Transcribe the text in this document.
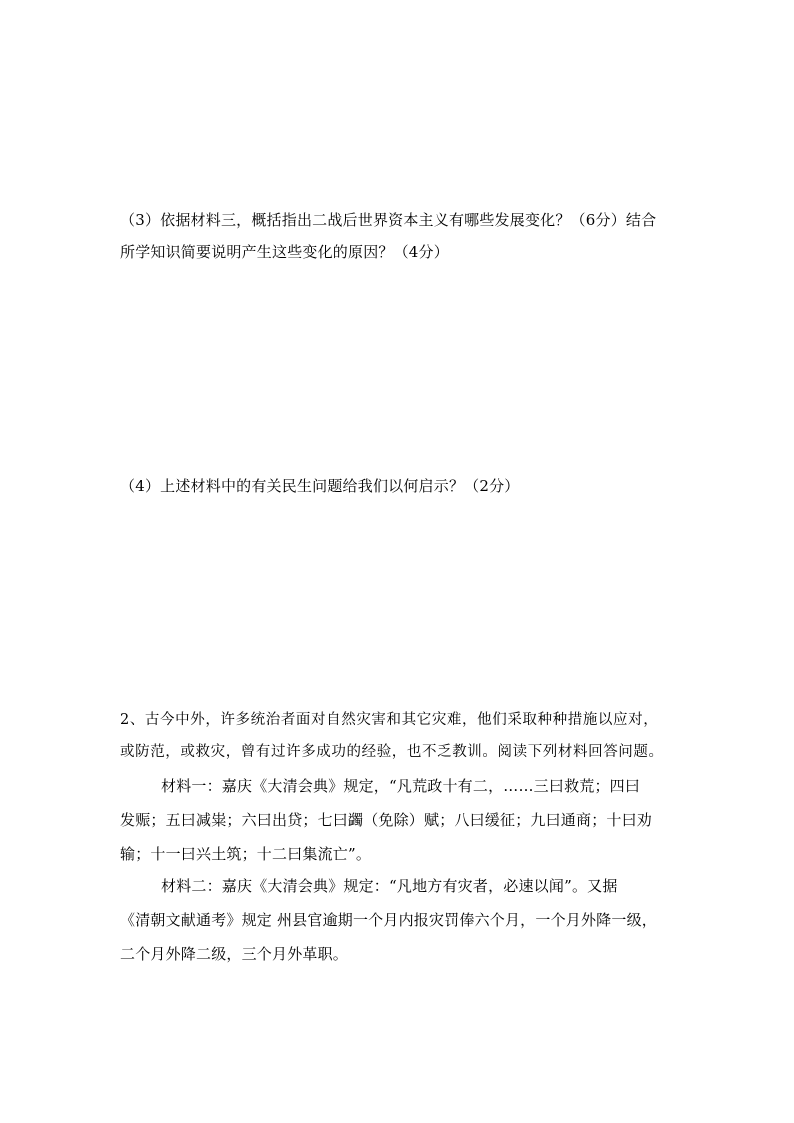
（3）依据材料三，概括指出二战后世界资本主义有哪些发展变化？（6分）结合
所学知识简要说明产生这些变化的原因？（4分）
（4）上述材料中的有关民生问题给我们以何启示？（2分）
2、古今中外，许多统治者面对自然灾害和其它灾难，他们采取种种措施以应对，
或防范，或救灾，曾有过许多成功的经验，也不乏教训。阅读下列材料回答问题。
材料一：嘉庆《大清会典》规定，“凡荒政十有二，……三曰救荒；四曰
发赈；五曰减粜；六曰出贷；七曰蠲（免除）赋；八曰缓征；九曰通商；十曰劝
输；十一曰兴土筑；十二曰集流亡”。
材料二：嘉庆《大清会典》规定：“凡地方有灾者，必速以闻”。又据
《清朝文献通考》规定 州县官逾期一个月内报灾罚俸六个月，一个月外降一级，
二个月外降二级，三个月外革职。
